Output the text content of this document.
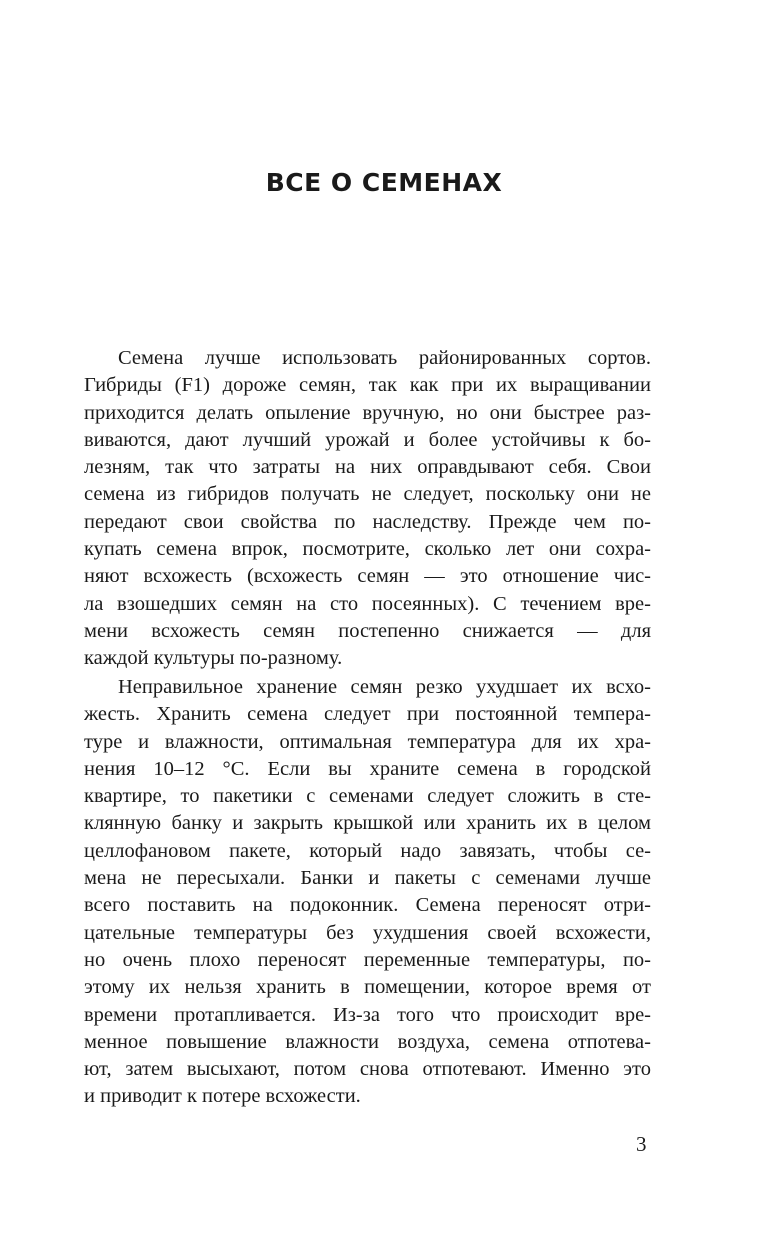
ВСЕ О СЕМЕНАХ
Семена лучше использовать районированных сортов.
Гибриды (F1) дороже семян, так как при их выращивании
приходится делать опыление вручную, но они быстрее раз-
виваются, дают лучший урожай и более устойчивы к бо-
лезням, так что затраты на них оправдывают себя. Свои
семена из гибридов получать не следует, поскольку они не
передают свои свойства по наследству. Прежде чем по-
купать семена впрок, посмотрите, сколько лет они сохра-
няют всхожесть (всхожесть семян — это отношение чис-
ла взошедших семян на сто посеянных). С течением вре-
мени всхожесть семян постепенно снижается — для
каждой культуры по-разному.
Неправильное хранение семян резко ухудшает их всхо-
жесть. Хранить семена следует при постоянной темпера-
туре и влажности, оптимальная температура для их хра-
нения 10–12 °С. Если вы храните семена в городской
квартире, то пакетики с семенами следует сложить в сте-
клянную банку и закрыть крышкой или хранить их в целом
целлофановом пакете, который надо завязать, чтобы се-
мена не пересыхали. Банки и пакеты с семенами лучше
всего поставить на подоконник. Семена переносят отри-
цательные температуры без ухудшения своей всхожести,
но очень плохо переносят переменные температуры, по-
этому их нельзя хранить в помещении, которое время от
времени протапливается. Из-за того что происходит вре-
менное повышение влажности воздуха, семена отпотева-
ют, затем высыхают, потом снова отпотевают. Именно это
и приводит к потере всхожести.
3
